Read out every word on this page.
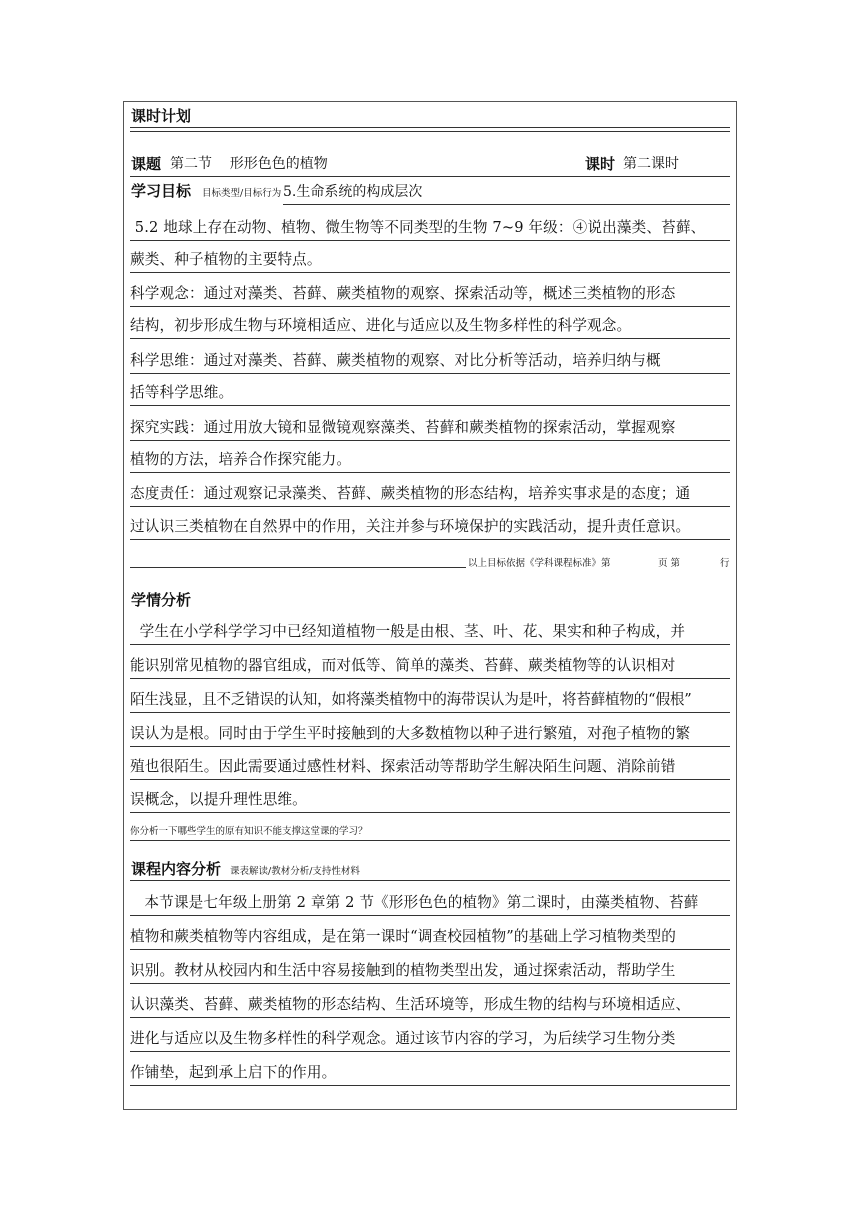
课时计划
课题 第二节    形形色色的植物	课时 第二课时
学习目标 目标类型/目标行为 5.生命系统的构成层次
5.2 地球上存在动物、植物、微生物等不同类型的生物 7~9 年级：④说出藻类、苔藓、
蕨类、种子植物的主要特点。
科学观念：通过对藻类、苔藓、蕨类植物的观察、探索活动等，概述三类植物的形态
结构，初步形成生物与环境相适应、进化与适应以及生物多样性的科学观念。
科学思维：通过对藻类、苔藓、蕨类植物的观察、对比分析等活动，培养归纳与概
括等科学思维。
探究实践：通过用放大镜和显微镜观察藻类、苔藓和蕨类植物的探索活动，掌握观察
植物的方法，培养合作探究能力。
态度责任：通过观察记录藻类、苔藓、蕨类植物的形态结构，培养实事求是的态度；通
过认识三类植物在自然界中的作用，关注并参与环境保护的实践活动，提升责任意识。
以上目标依据《学科课程标准》第	页 第	行
学情分析
学生在小学科学学习中已经知道植物一般是由根、茎、叶、花、果实和种子构成，并
能识别常见植物的器官组成，而对低等、简单的藻类、苔藓、蕨类植物等的认识相对
陌生浅显，且不乏错误的认知，如将藻类植物中的海带误认为是叶，将苔藓植物的“假根”
误认为是根。同时由于学生平时接触到的大多数植物以种子进行繁殖，对孢子植物的繁
殖也很陌生。因此需要通过感性材料、探索活动等帮助学生解决陌生问题、消除前错
误概念，以提升理性思维。
你分析一下哪些学生的原有知识不能支撑这堂课的学习？
课程内容分析 课表解读/教材分析/支持性材料
本节课是七年级上册第 2 章第 2 节《形形色色的植物》第二课时，由藻类植物、苔藓
植物和蕨类植物等内容组成，是在第一课时“调查校园植物”的基础上学习植物类型的
识别。教材从校园内和生活中容易接触到的植物类型出发，通过探索活动，帮助学生
认识藻类、苔藓、蕨类植物的形态结构、生活环境等，形成生物的结构与环境相适应、
进化与适应以及生物多样性的科学观念。通过该节内容的学习，为后续学习生物分类
作铺垫，起到承上启下的作用。
